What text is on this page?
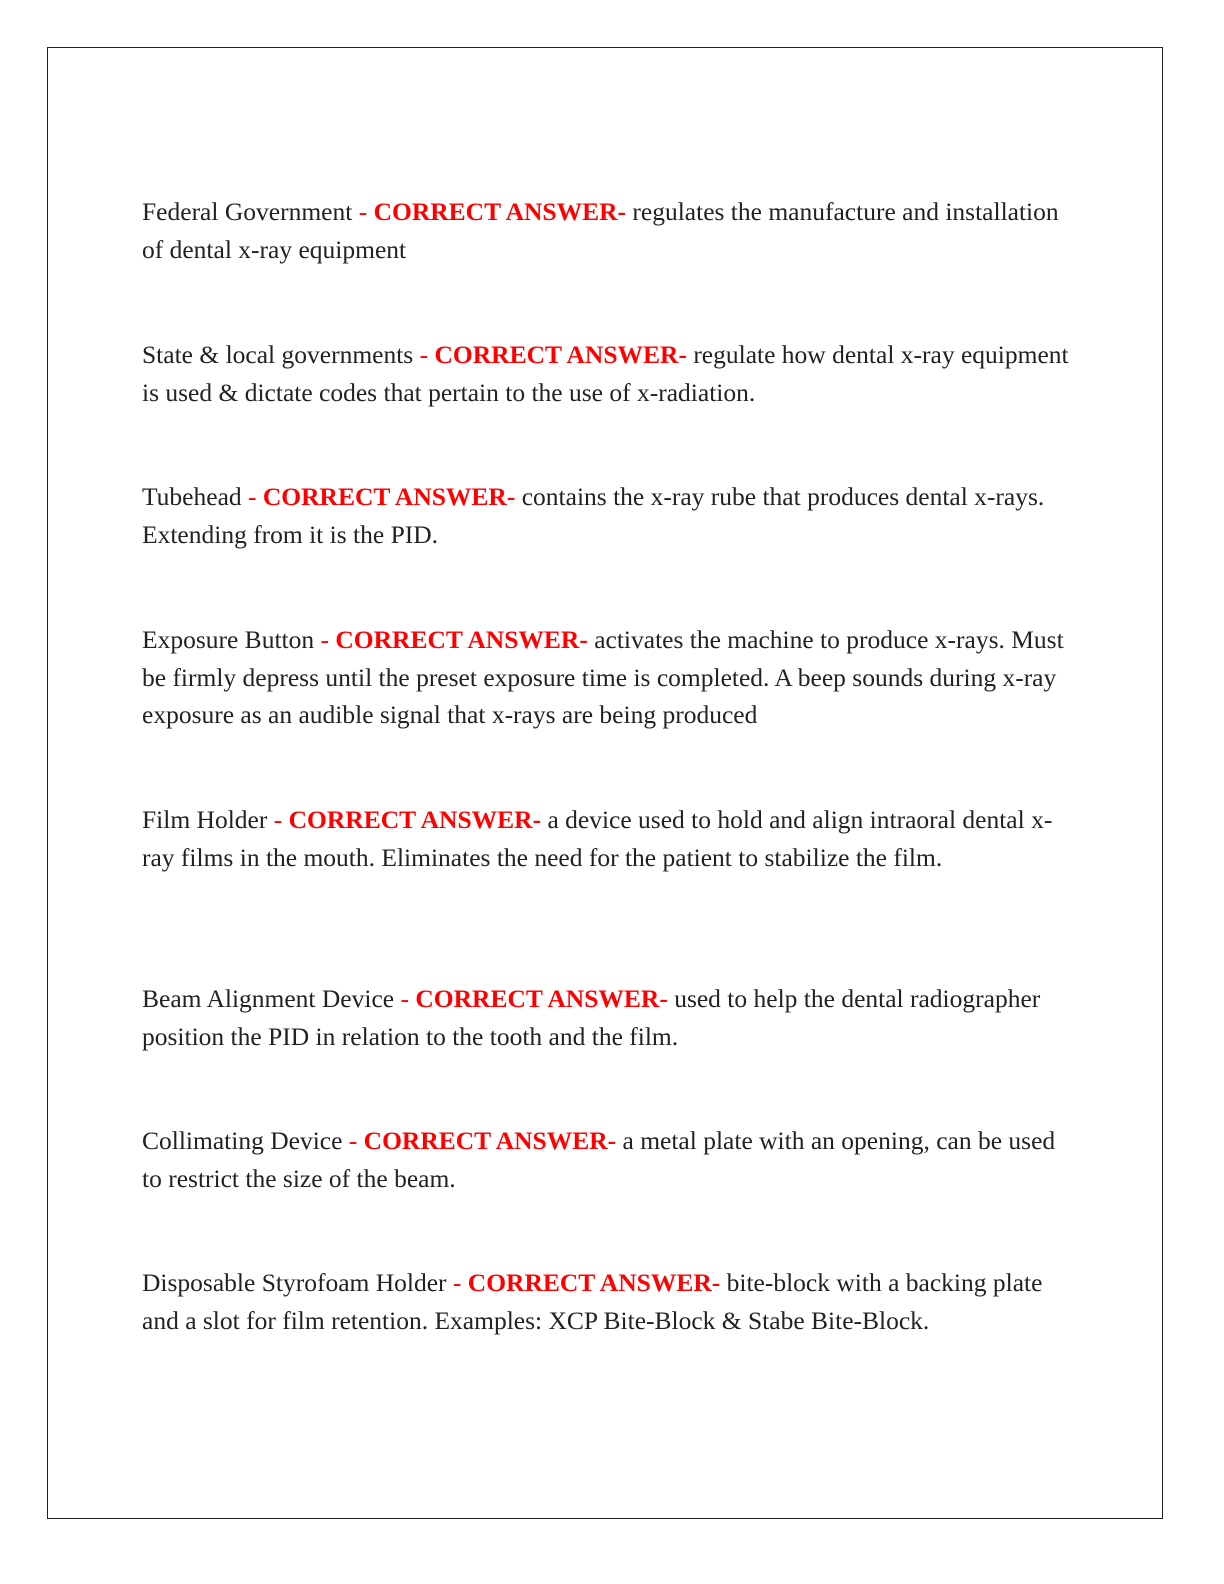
Federal Government - CORRECT ANSWER- regulates the manufacture and installation of dental x-ray equipment

State & local governments - CORRECT ANSWER- regulate how dental x-ray equipment is used & dictate codes that pertain to the use of x-radiation.

Tubehead - CORRECT ANSWER- contains the x-ray rube that produces dental x-rays. Extending from it is the PID.

Exposure Button - CORRECT ANSWER- activates the machine to produce x-rays. Must be firmly depress until the preset exposure time is completed. A beep sounds during x-ray exposure as an audible signal that x-rays are being produced

Film Holder - CORRECT ANSWER- a device used to hold and align intraoral dental x-ray films in the mouth. Eliminates the need for the patient to stabilize the film.

Beam Alignment Device - CORRECT ANSWER- used to help the dental radiographer position the PID in relation to the tooth and the film.

Collimating Device - CORRECT ANSWER- a metal plate with an opening, can be used to restrict the size of the beam.

Disposable Styrofoam Holder - CORRECT ANSWER- bite-block with a backing plate and a slot for film retention. Examples: XCP Bite-Block & Stabe Bite-Block.
